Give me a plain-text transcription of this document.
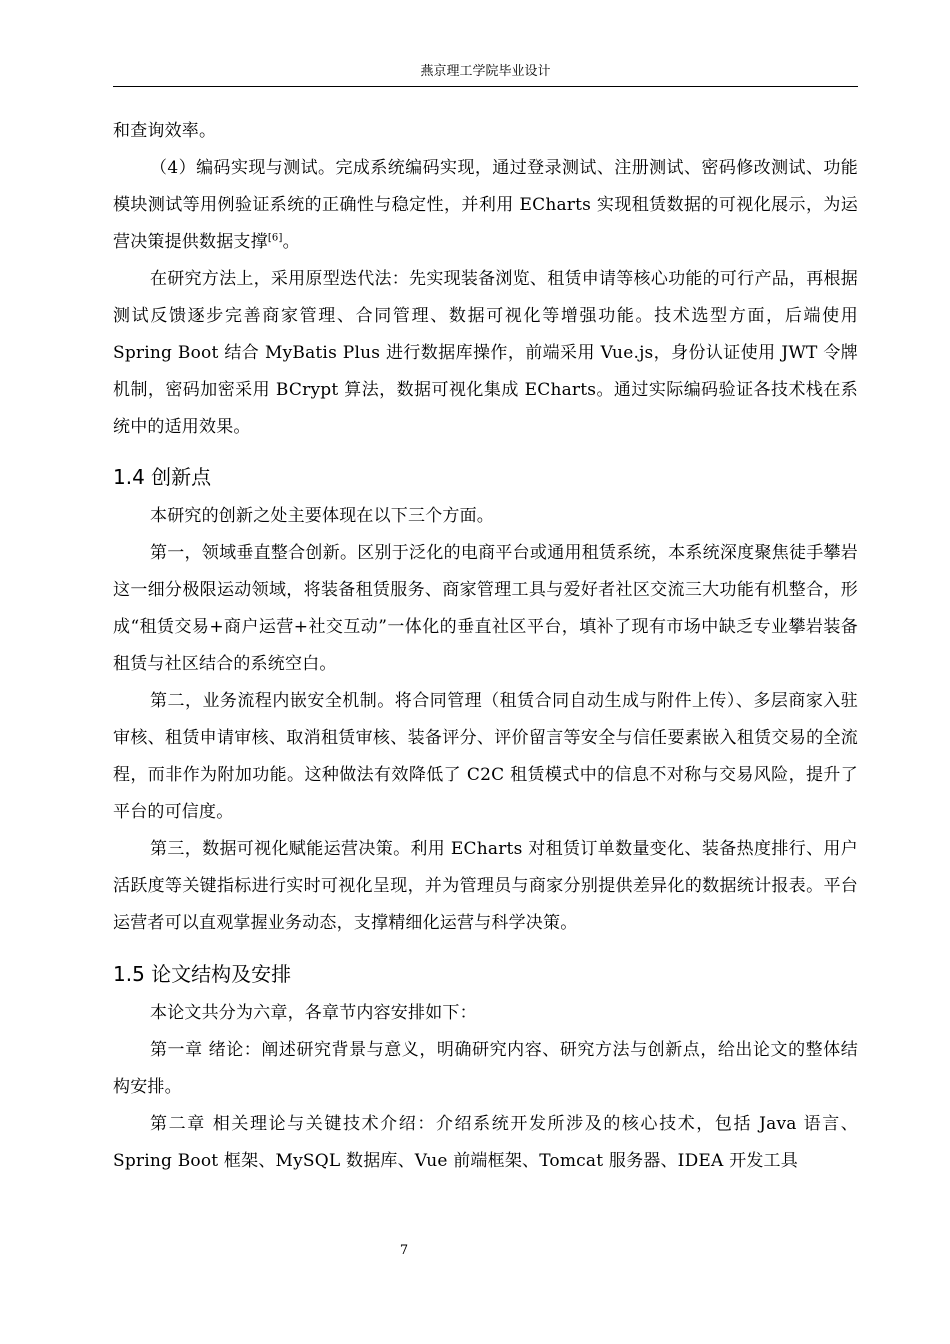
燕京理工学院毕业设计

和查询效率。

（4）编码实现与测试。完成系统编码实现，通过登录测试、注册测试、密码修改测试、功能模块测试等用例验证系统的正确性与稳定性，并利用 ECharts 实现租赁数据的可视化展示，为运营决策提供数据支撑[6]。

在研究方法上，采用原型迭代法：先实现装备浏览、租赁申请等核心功能的可行产品，再根据测试反馈逐步完善商家管理、合同管理、数据可视化等增强功能。技术选型方面，后端使用 Spring Boot 结合 MyBatis Plus 进行数据库操作，前端采用 Vue.js，身份认证使用 JWT 令牌机制，密码加密采用 BCrypt 算法，数据可视化集成 ECharts。通过实际编码验证各技术栈在系统中的适用效果。

1.4 创新点

本研究的创新之处主要体现在以下三个方面。

第一，领域垂直整合创新。区别于泛化的电商平台或通用租赁系统，本系统深度聚焦徒手攀岩这一细分极限运动领域，将装备租赁服务、商家管理工具与爱好者社区交流三大功能有机整合，形成“租赁交易+商户运营+社交互动”一体化的垂直社区平台，填补了现有市场中缺乏专业攀岩装备租赁与社区结合的系统空白。

第二，业务流程内嵌安全机制。将合同管理（租赁合同自动生成与附件上传）、多层商家入驻审核、租赁申请审核、取消租赁审核、装备评分、评价留言等安全与信任要素嵌入租赁交易的全流程，而非作为附加功能。这种做法有效降低了 C2C 租赁模式中的信息不对称与交易风险，提升了平台的可信度。

第三，数据可视化赋能运营决策。利用 ECharts 对租赁订单数量变化、装备热度排行、用户活跃度等关键指标进行实时可视化呈现，并为管理员与商家分别提供差异化的数据统计报表。平台运营者可以直观掌握业务动态，支撑精细化运营与科学决策。

1.5 论文结构及安排

本论文共分为六章，各章节内容安排如下：

第一章 绪论：阐述研究背景与意义，明确研究内容、研究方法与创新点，给出论文的整体结构安排。

第二章 相关理论与关键技术介绍：介绍系统开发所涉及的核心技术，包括 Java 语言、Spring Boot 框架、MySQL 数据库、Vue 前端框架、Tomcat 服务器、IDEA 开发工具

7
